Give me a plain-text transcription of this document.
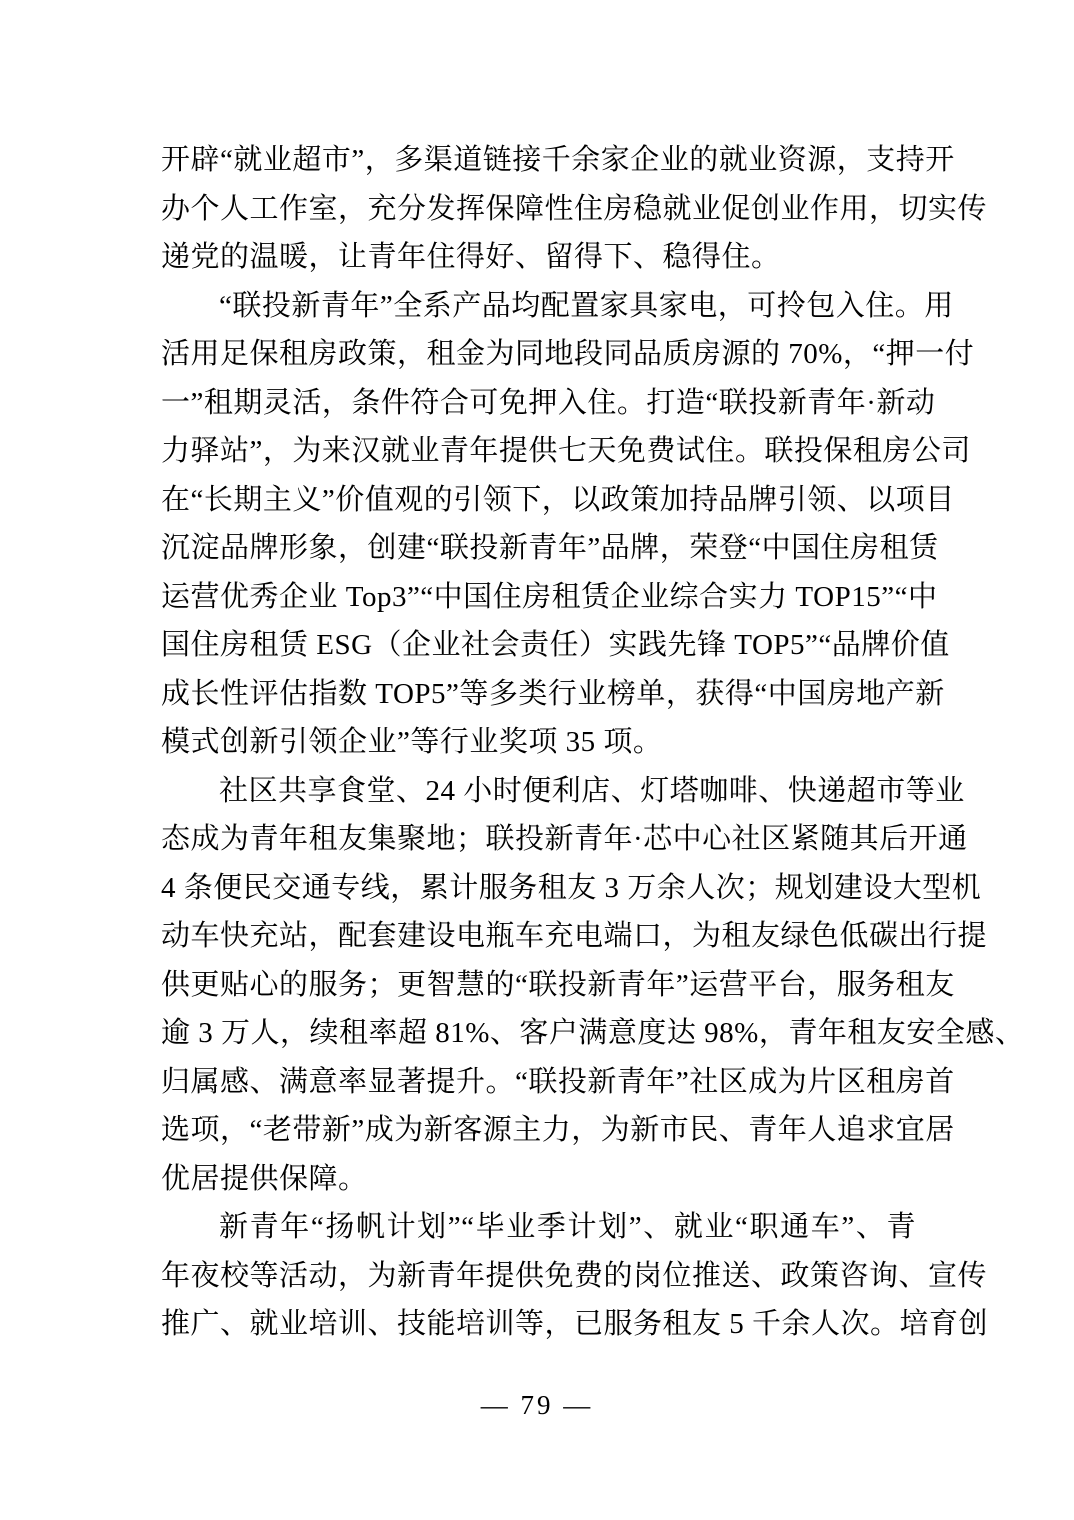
开辟“就业超市”，多渠道链接千余家企业的就业资源，支持开
办个人工作室，充分发挥保障性住房稳就业促创业作用，切实传
递党的温暖，让青年住得好、留得下、稳得住。
“联投新青年”全系产品均配置家具家电，可拎包入住。用
活用足保租房政策，租金为同地段同品质房源的 70%，“押一付
一”租期灵活，条件符合可免押入住。打造“联投新青年·新动
力驿站”，为来汉就业青年提供七天免费试住。联投保租房公司
在“长期主义”价值观的引领下，以政策加持品牌引领、以项目
沉淀品牌形象，创建“联投新青年”品牌，荣登“中国住房租赁
运营优秀企业 Top3”“中国住房租赁企业综合实力 TOP15”“中
国住房租赁 ESG（企业社会责任）实践先锋 TOP5”“品牌价值
成长性评估指数 TOP5”等多类行业榜单，获得“中国房地产新
模式创新引领企业”等行业奖项 35 项。
社区共享食堂、24 小时便利店、灯塔咖啡、快递超市等业
态成为青年租友集聚地；联投新青年·芯中心社区紧随其后开通
4 条便民交通专线，累计服务租友 3 万余人次；规划建设大型机
动车快充站，配套建设电瓶车充电端口，为租友绿色低碳出行提
供更贴心的服务；更智慧的“联投新青年”运营平台，服务租友
逾 3 万人，续租率超 81%、客户满意度达 98%，青年租友安全感、
归属感、满意率显著提升。“联投新青年”社区成为片区租房首
选项，“老带新”成为新客源主力，为新市民、青年人追求宜居
优居提供保障。
新青年“扬帆计划”“毕业季计划”、就业“职通车”、青
年夜校等活动，为新青年提供免费的岗位推送、政策咨询、宣传
推广、就业培训、技能培训等，已服务租友 5 千余人次。培育创
— 79 —
